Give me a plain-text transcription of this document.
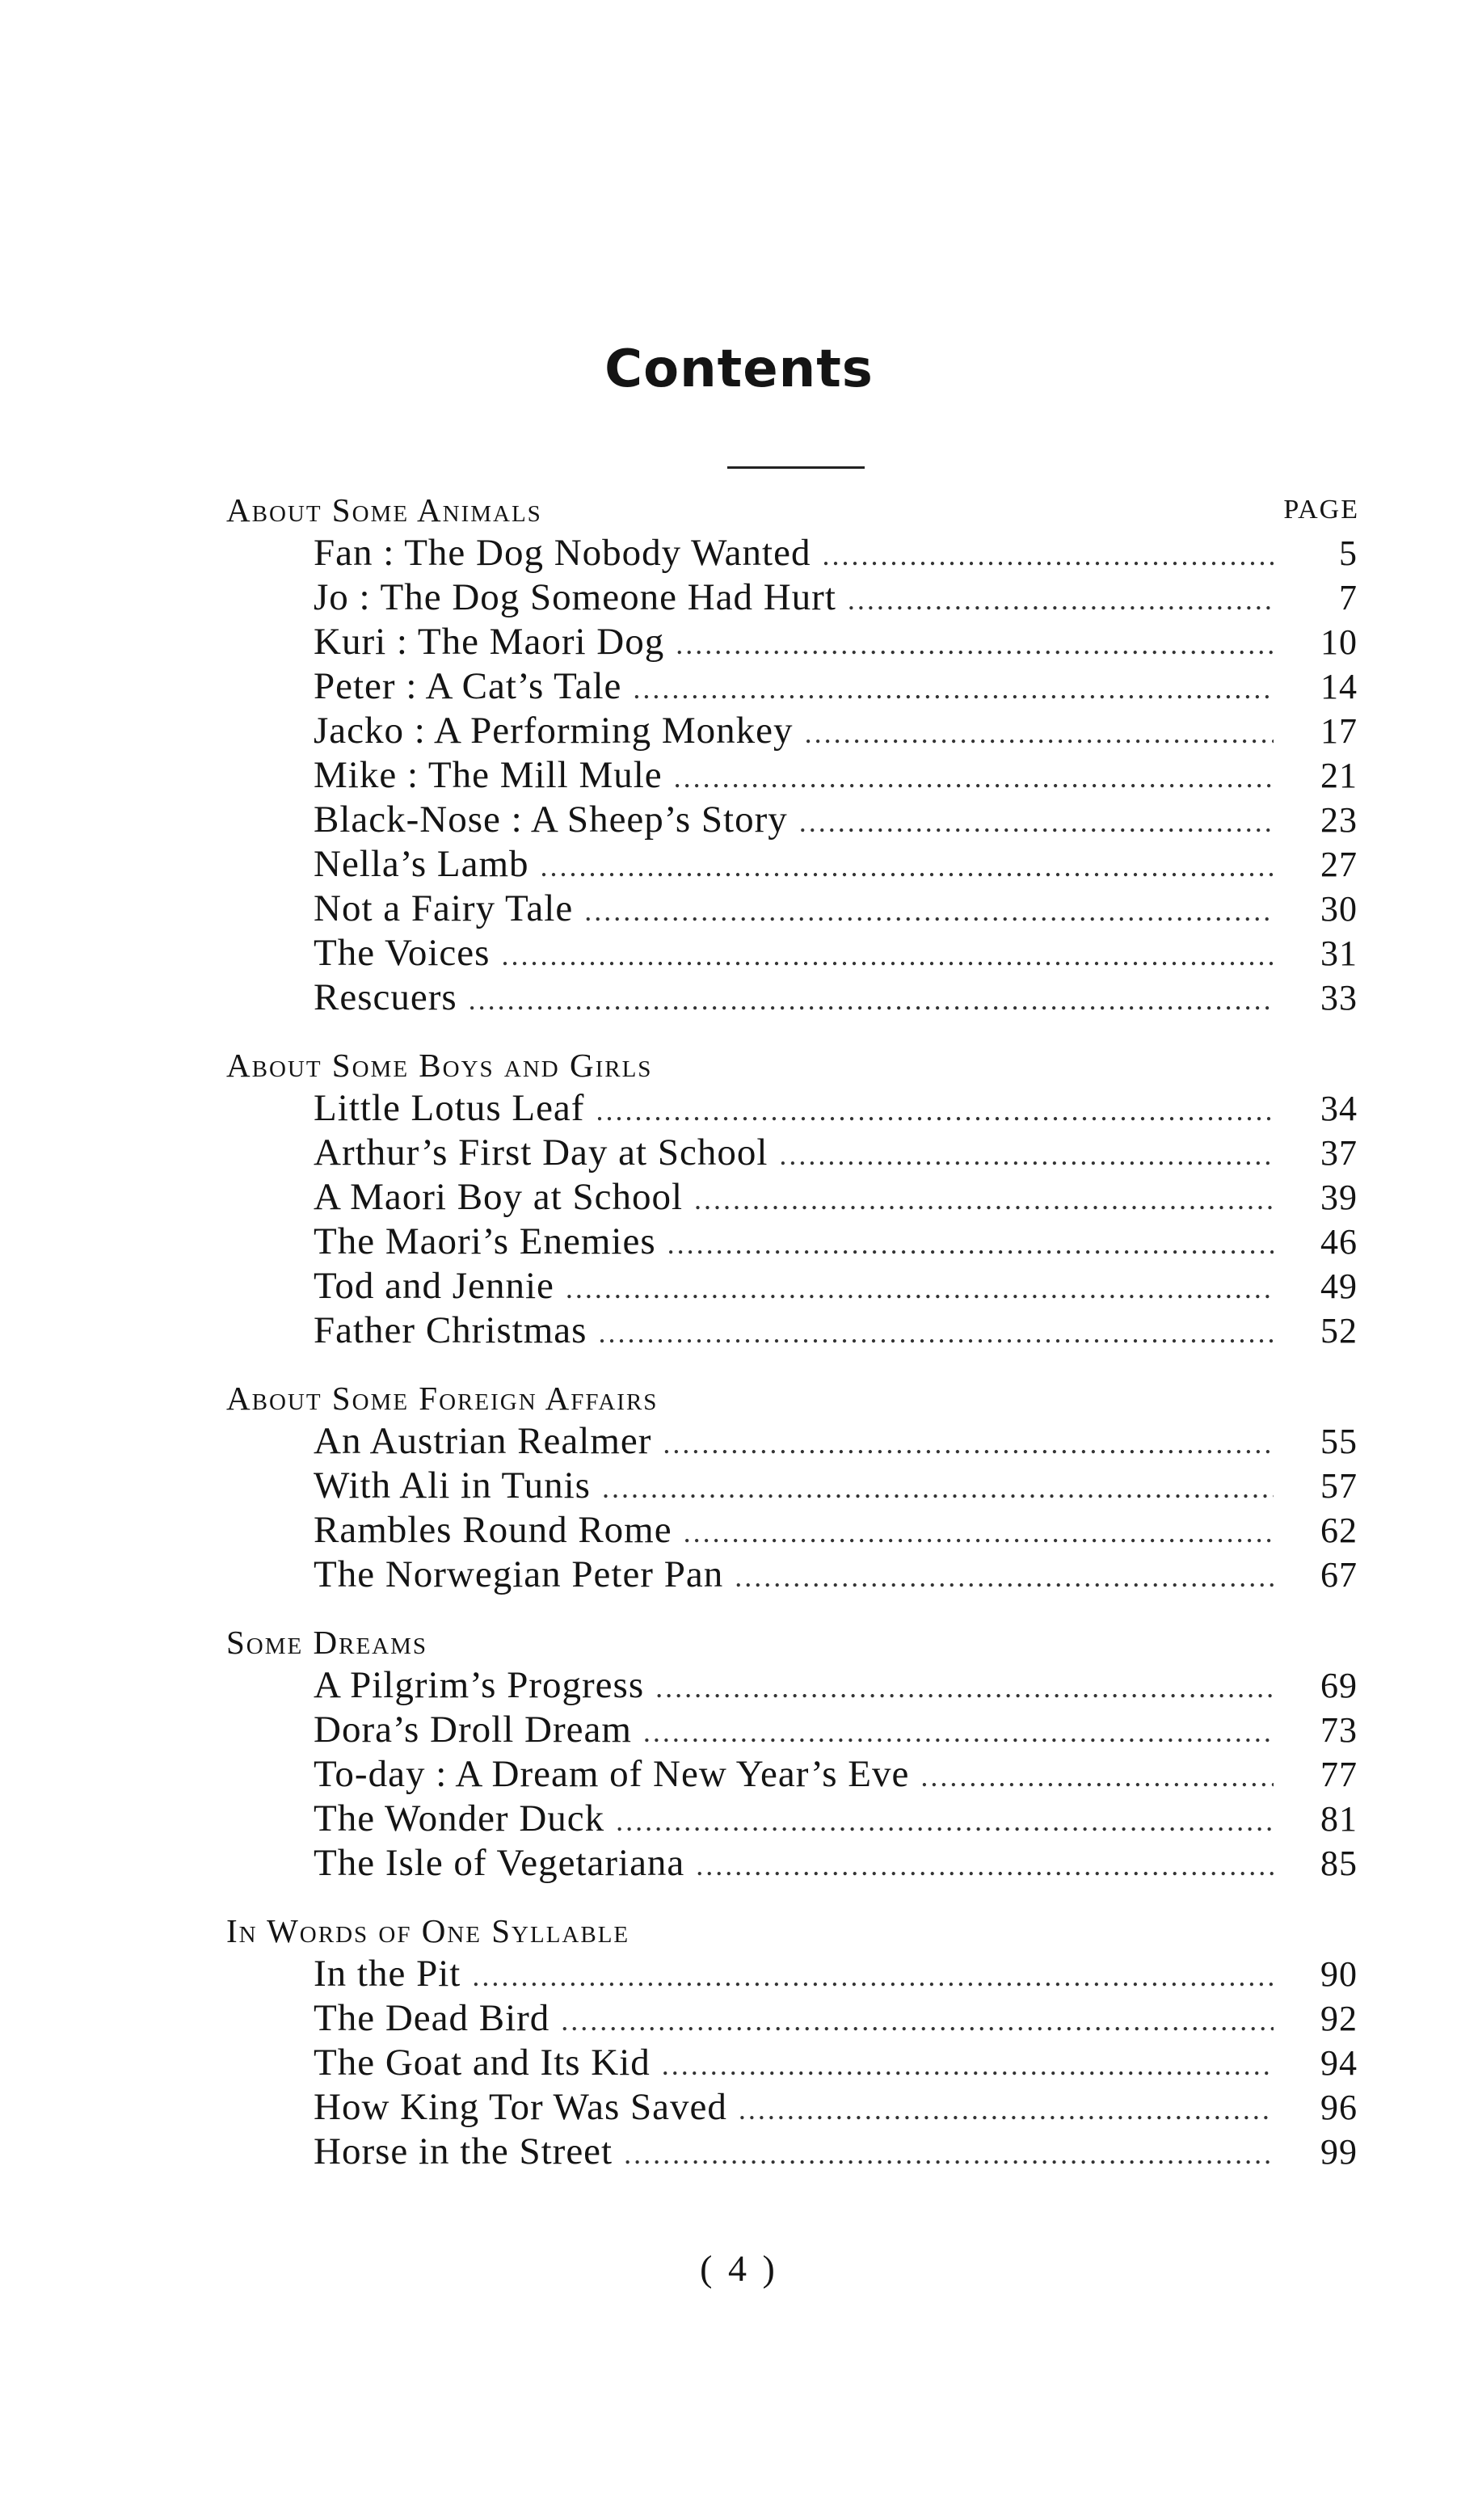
Contents
PAGE
About Some Animals
Fan : The Dog Nobody Wanted .....	5
Jo : The Dog Someone Had Hurt .....	7
Kuri : The Maori Dog .....	10
Peter : A Cat’s Tale .....	14
Jacko : A Performing Monkey .....	17
Mike : The Mill Mule .....	21
Black-Nose : A Sheep’s Story .....	23
Nella’s Lamb .....	27
Not a Fairy Tale .....	30
The Voices .....	31
Rescuers .....	33
About Some Boys and Girls
Little Lotus Leaf .....	34
Arthur’s First Day at School .....	37
A Maori Boy at School .....	39
The Maori’s Enemies .....	46
Tod and Jennie .....	49
Father Christmas .....	52
About Some Foreign Affairs
An Austrian Realmer .....	55
With Ali in Tunis .....	57
Rambles Round Rome .....	62
The Norwegian Peter Pan .....	67
Some Dreams
A Pilgrim’s Progress .....	69
Dora’s Droll Dream .....	73
To-day : A Dream of New Year’s Eve .....	77
The Wonder Duck .....	81
The Isle of Vegetariana .....	85
In Words of One Syllable
In the Pit .....	90
The Dead Bird .....	92
The Goat and Its Kid .....	94
How King Tor Was Saved .....	96
Horse in the Street .....	99
( 4 )
